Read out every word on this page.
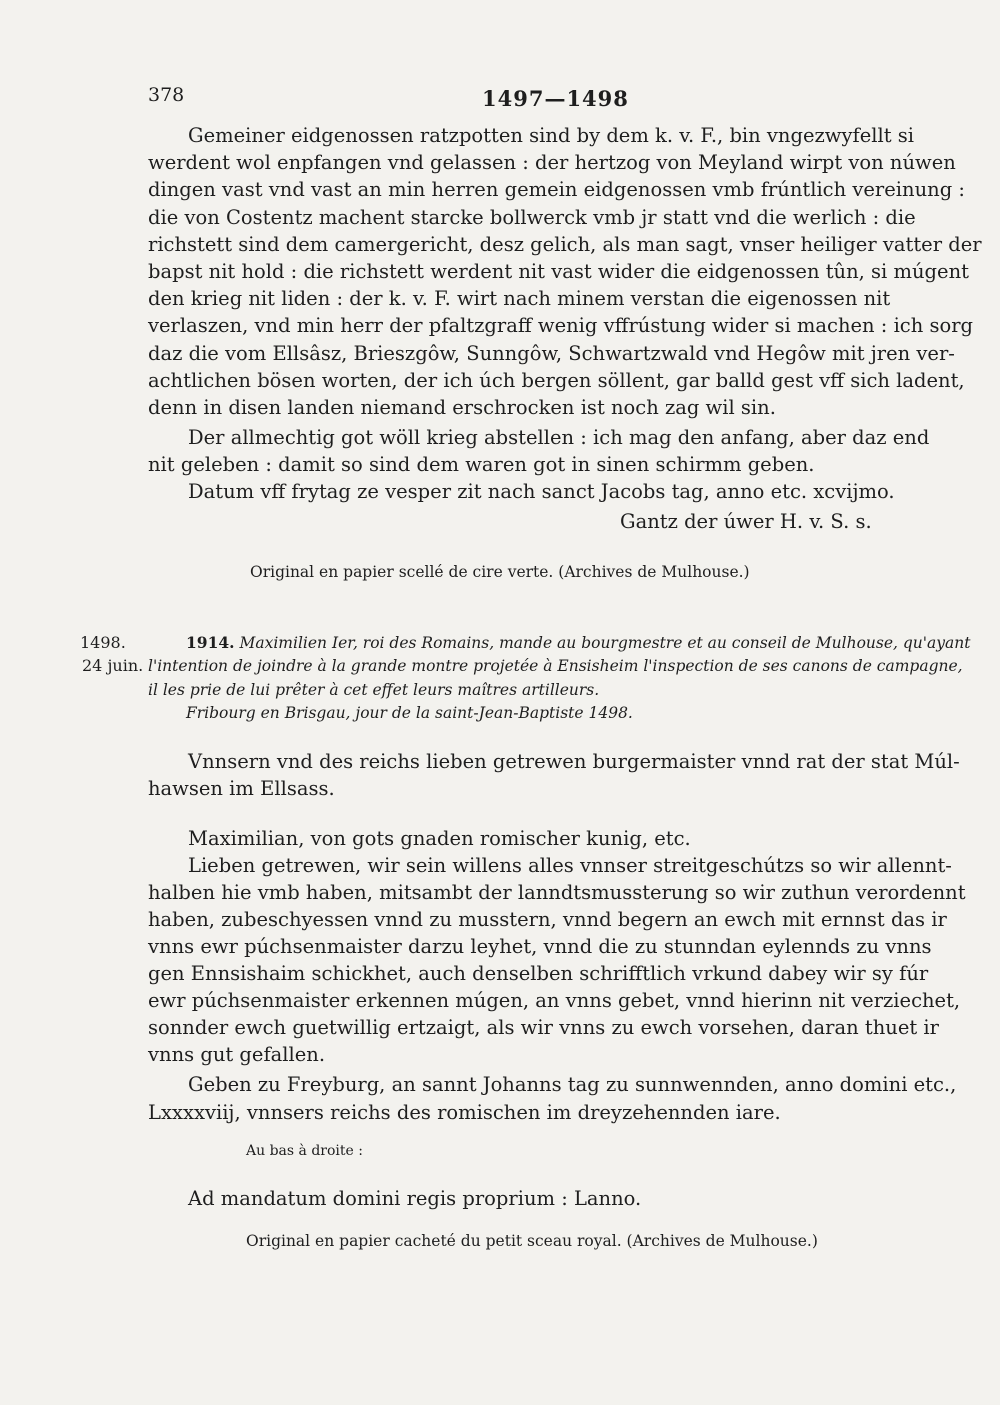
378	1497—1498
Gemeiner eidgenossen ratzpotten sind by dem k. v. F., bin vngezwyfellt si
werdent wol enpfangen vnd gelassen : der hertzog von Meyland wirpt von núwen
dingen vast vnd vast an min herren gemein eidgenossen vmb frúntlich vereinung :
die von Costentz machent starcke bollwerck vmb jr statt vnd die werlich : die
richstett sind dem camergericht, desz gelich, als man sagt, vnser heiliger vatter der
bapst nit hold : die richstett werdent nit vast wider die eidgenossen tûn, si múgent
den krieg nit liden : der k. v. F. wirt nach minem verstan die eigenossen nit
verlaszen, vnd min herr der pfaltzgraff wenig vffrústung wider si machen : ich sorg
daz die vom Ellsâsz, Brieszgôw, Sunngôw, Schwartzwald vnd Hegôw mit jren ver-
achtlichen bösen worten, der ich úch bergen söllent, gar balld gest vff sich ladent,
denn in disen landen niemand erschrocken ist noch zag wil sin.
Der allmechtig got wöll krieg abstellen : ich mag den anfang, aber daz end
nit geleben : damit so sind dem waren got in sinen schirmm geben.
Datum vff frytag ze vesper zit nach sanct Jacobs tag, anno etc. xcvijmo.
Gantz der úwer H. v. S. s.
Original en papier scellé de cire verte. (Archives de Mulhouse.)
1498.
24 juin.
1914. Maximilien Ier, roi des Romains, mande au bourgmestre et au conseil de Mulhouse, qu'ayant
l'intention de joindre à la grande montre projetée à Ensisheim l'inspection de ses canons de campagne,
il les prie de lui prêter à cet effet leurs maîtres artilleurs.
Fribourg en Brisgau, jour de la saint-Jean-Baptiste 1498.
Vnnsern vnd des reichs lieben getrewen burgermaister vnnd rat der stat Múl-
hawsen im Ellsass.
Maximilian, von gots gnaden romischer kunig, etc.
Lieben getrewen, wir sein willens alles vnnser streitgeschútzs so wir allennt-
halben hie vmb haben, mitsambt der lanndtsmussterung so wir zuthun verordennt
haben, zubeschyessen vnnd zu musstern, vnnd begern an ewch mit ernnst das ir
vnns ewr púchsenmaister darzu leyhet, vnnd die zu stunndan eylennds zu vnns
gen Ennsishaim schickhet, auch denselben schrifftlich vrkund dabey wir sy fúr
ewr púchsenmaister erkennen múgen, an vnns gebet, vnnd hierinn nit verziechet,
sonnder ewch guetwillig ertzaigt, als wir vnns zu ewch vorsehen, daran thuet ir
vnns gut gefallen.
Geben zu Freyburg, an sannt Johanns tag zu sunnwennden, anno domini etc.,
Lxxxxviij, vnnsers reichs des romischen im dreyzehennden iare.
Au bas à droite :
Ad mandatum domini regis proprium : Lanno.
Original en papier cacheté du petit sceau royal. (Archives de Mulhouse.)
